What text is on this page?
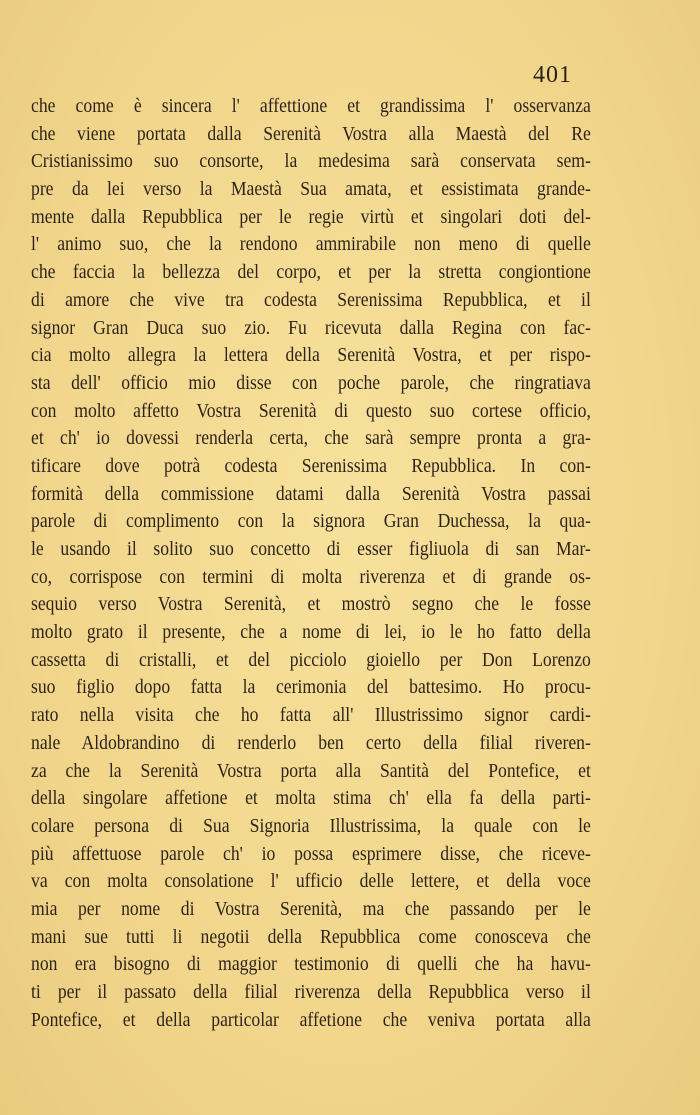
401
che come è sincera l' affettione et grandissima l' osservanza
che viene portata dalla Serenità Vostra alla Maestà del Re
Cristianissimo suo consorte, la medesima sarà conservata sem-
pre da lei verso la Maestà Sua amata, et essistimata grande-
mente dalla Repubblica per le regie virtù et singolari doti del-
l' animo suo, che la rendono ammirabile non meno di quelle
che faccia la bellezza del corpo, et per la stretta congiontione
di amore che vive tra codesta Serenissima Repubblica, et il
signor Gran Duca suo zio. Fu ricevuta dalla Regina con fac-
cia molto allegra la lettera della Serenità Vostra, et per rispo-
sta dell' officio mio disse con poche parole, che ringratiava
con molto affetto Vostra Serenità di questo suo cortese officio,
et ch' io dovessi renderla certa, che sarà sempre pronta a gra-
tificare dove potrà codesta Serenissima Repubblica. In con-
formità della commissione datami dalla Serenità Vostra passai
parole di complimento con la signora Gran Duchessa, la qua-
le usando il solito suo concetto di esser figliuola di san Mar-
co, corrispose con termini di molta riverenza et di grande os-
sequio verso Vostra Serenità, et mostrò segno che le fosse
molto grato il presente, che a nome di lei, io le ho fatto della
cassetta di cristalli, et del picciolo gioiello per Don Lorenzo
suo figlio dopo fatta la cerimonia del battesimo. Ho procu-
rato nella visita che ho fatta all' Illustrissimo signor cardi-
nale Aldobrandino di renderlo ben certo della filial riveren-
za che la Serenità Vostra porta alla Santità del Pontefice, et
della singolare affetione et molta stima ch' ella fa della parti-
colare persona di Sua Signoria Illustrissima, la quale con le
più affettuose parole ch' io possa esprimere disse, che riceve-
va con molta consolatione l' ufficio delle lettere, et della voce
mia per nome di Vostra Serenità, ma che passando per le
mani sue tutti li negotii della Repubblica come conosceva che
non era bisogno di maggior testimonio di quelli che ha havu-
ti per il passato della filial riverenza della Repubblica verso il
Pontefice, et della particolar affetione che veniva portata alla
